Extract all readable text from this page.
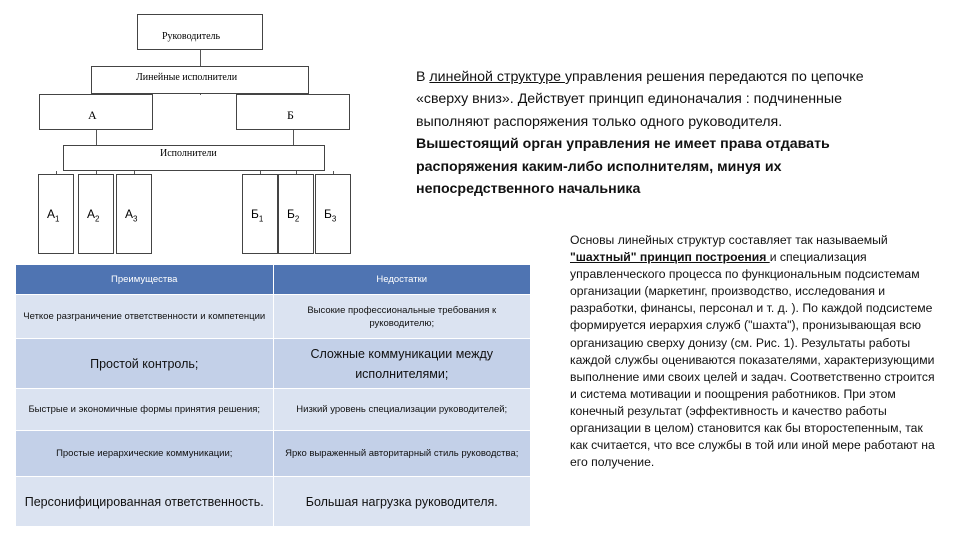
Руководитель
Линейные исполнители
А	Б
Исполнители
$А_1$ $А_2$ $А_3$	$Б_1$ $Б_2$ $Б_3$
В линейной структуре управления решения передаются по цепочке «сверху вниз». Действует принцип единоначалия : подчиненные выполняют распоряжения только одного руководителя. Вышестоящий орган управления не имеет права отдавать распоряжения каким-либо исполнителям, минуя их непосредственного начальника
Преимущества	Недостатки
Четкое разграничение ответственности и компетенции	Высокие профессиональные требования к руководителю;
Простой контроль;	Сложные коммуникации между исполнителями;
Быстрые и экономичные формы принятия решения;	Низкий уровень специализации руководителей;
Простые иерархические коммуникации;	Ярко выраженный авторитарный стиль руководства;
Персонифицированная ответственность.	Большая нагрузка руководителя.
Основы линейных структур составляет так называемый "шахтный" принцип построения и специализация управленческого процесса по функциональным подсистемам организации (маркетинг, производство, исследования и разработки, финансы, персонал и т. д. ). По каждой подсистеме формируется иерархия служб ("шахта"), пронизывающая всю организацию сверху донизу (см. Рис. 1). Результаты работы каждой службы оцениваются показателями, характеризующими выполнение ими своих целей и задач. Соответственно строится и система мотивации и поощрения работников. При этом конечный результат (эффективность и качество работы организации в целом) становится как бы второстепенным, так как считается, что все службы в той или иной мере работают на его получение.
